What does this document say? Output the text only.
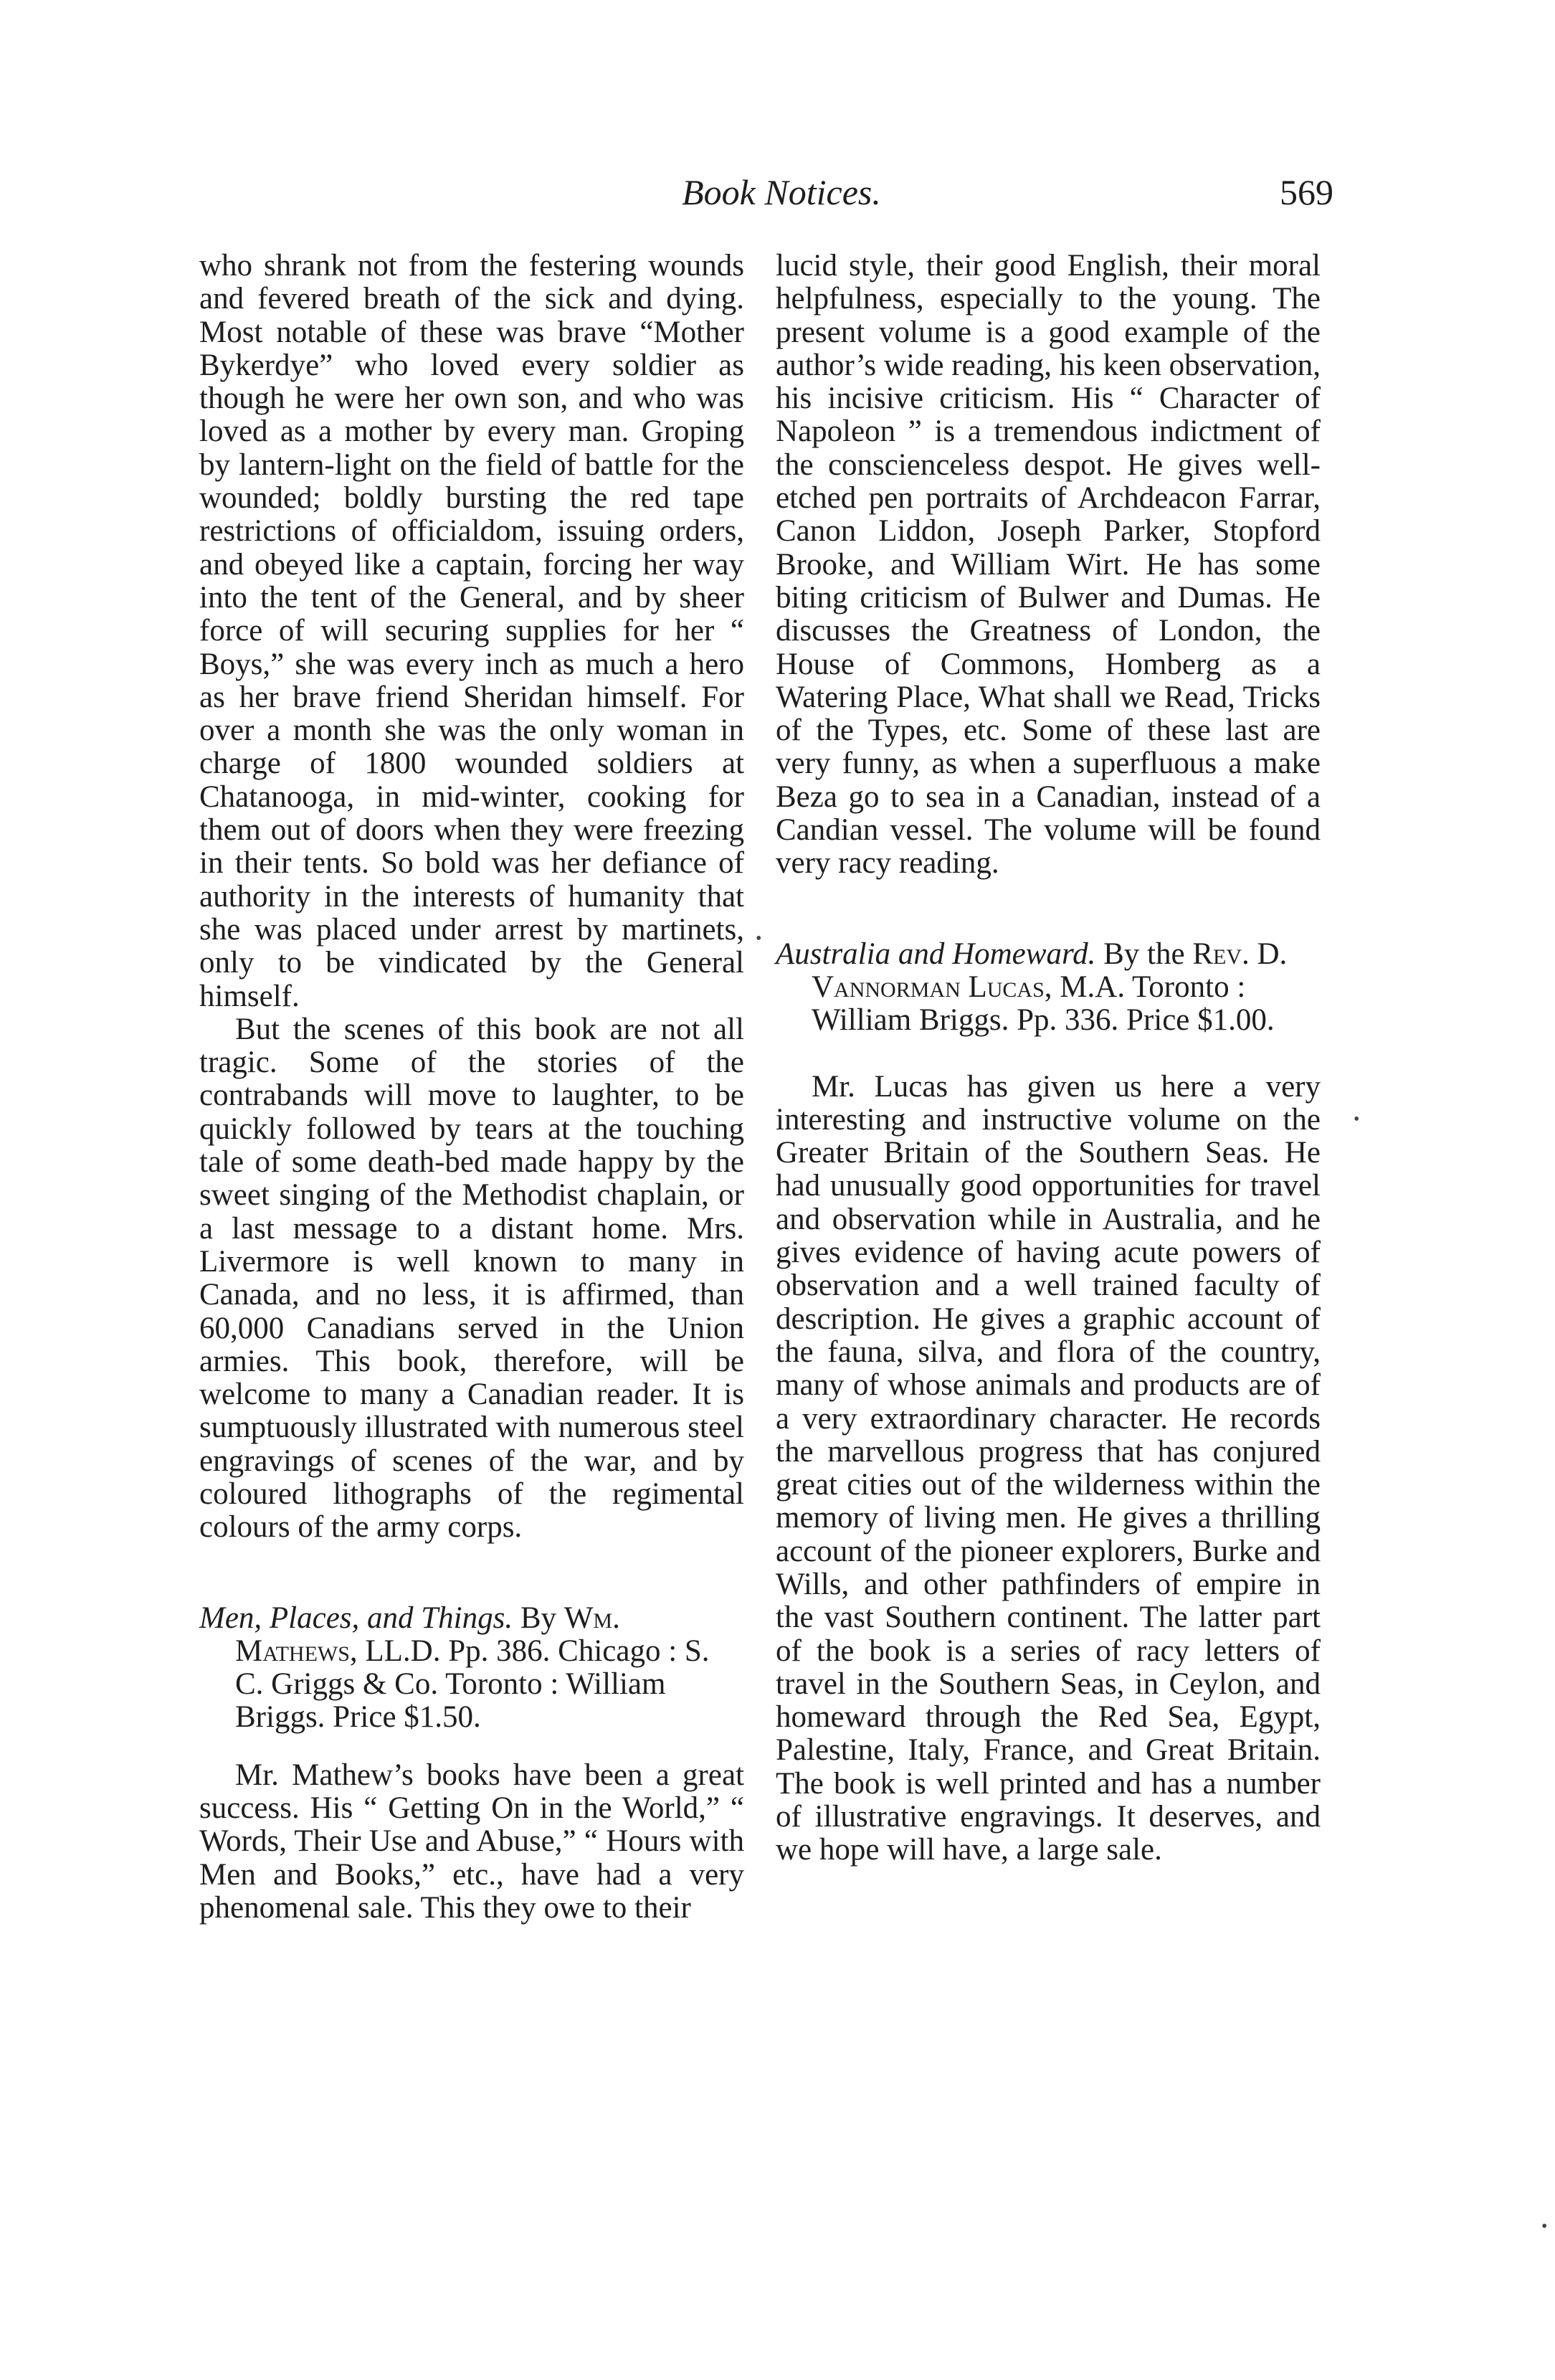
Book Notices.	569

who shrank not from the festering wounds and fevered breath of the sick and dying. Most notable of these was brave “Mother Bykerdye” who loved every soldier as though he were her own son, and who was loved as a mother by every man. Groping by lantern-light on the field of battle for the wounded; boldly bursting the red tape restrictions of officialdom, issuing orders, and obeyed like a captain, forcing her way into the tent of the General, and by sheer force of will securing supplies for her “ Boys,” she was every inch as much a hero as her brave friend Sheridan himself. For over a month she was the only woman in charge of 1800 wounded soldiers at Chatanooga, in mid-winter, cooking for them out of doors when they were freezing in their tents. So bold was her defiance of authority in the interests of humanity that she was placed under arrest by martinets, only to be vindicated by the General himself.

But the scenes of this book are not all tragic. Some of the stories of the contrabands will move to laughter, to be quickly followed by tears at the touching tale of some death-bed made happy by the sweet singing of the Methodist chaplain, or a last message to a distant home. Mrs. Livermore is well known to many in Canada, and no less, it is affirmed, than 60,000 Canadians served in the Union armies. This book, therefore, will be welcome to many a Canadian reader. It is sumptuously illustrated with numerous steel engravings of scenes of the war, and by coloured lithographs of the regimental colours of the army corps.

Men, Places, and Things. By Wm. Mathews, LL.D. Pp. 386. Chicago : S. C. Griggs & Co. Toronto : William Briggs. Price $1.50.

Mr. Mathew’s books have been a great success. His “ Getting On in the World,” “ Words, Their Use and Abuse,” “ Hours with Men and Books,” etc., have had a very phenomenal sale. This they owe to their

lucid style, their good English, their moral helpfulness, especially to the young. The present volume is a good example of the author’s wide reading, his keen observation, his incisive criticism. His “ Character of Napoleon ” is a tremendous indictment of the conscienceless despot. He gives well-etched pen portraits of Archdeacon Farrar, Canon Liddon, Joseph Parker, Stopford Brooke, and William Wirt. He has some biting criticism of Bulwer and Dumas. He discusses the Greatness of London, the House of Commons, Homberg as a Watering Place, What shall we Read, Tricks of the Types, etc. Some of these last are very funny, as when a superfluous a make Beza go to sea in a Canadian, instead of a Candian vessel. The volume will be found very racy reading.

Australia and Homeward. By the Rev. D. Vannorman Lucas, M.A. Toronto : William Briggs. Pp. 336. Price $1.00.

Mr. Lucas has given us here a very interesting and instructive volume on the Greater Britain of the Southern Seas. He had unusually good opportunities for travel and observation while in Australia, and he gives evidence of having acute powers of observation and a well trained faculty of description. He gives a graphic account of the fauna, silva, and flora of the country, many of whose animals and products are of a very extraordinary character. He records the marvellous progress that has conjured great cities out of the wilderness within the memory of living men. He gives a thrilling account of the pioneer explorers, Burke and Wills, and other pathfinders of empire in the vast Southern continent. The latter part of the book is a series of racy letters of travel in the Southern Seas, in Ceylon, and homeward through the Red Sea, Egypt, Palestine, Italy, France, and Great Britain. The book is well printed and has a number of illustrative engravings. It deserves, and we hope will have, a large sale.

•
•
•
